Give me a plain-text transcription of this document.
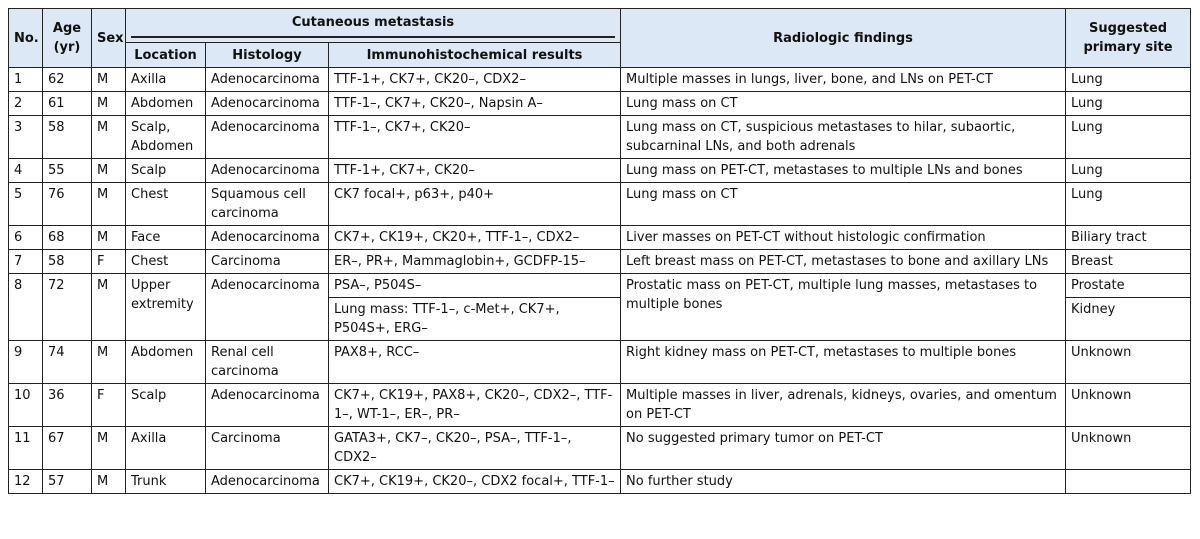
No.	Age (yr)	Sex	Cutaneous metastasis			Radiologic findings	Suggested primary site
			Location	Histology	Immunohistochemical results		
1	62	M	Axilla	Adenocarcinoma	TTF-1+, CK7+, CK20–, CDX2–	Multiple masses in lungs, liver, bone, and LNs on PET-CT	Lung
2	61	M	Abdomen	Adenocarcinoma	TTF-1–, CK7+, CK20–, Napsin A–	Lung mass on CT	Lung
3	58	M	Scalp, Abdomen	Adenocarcinoma	TTF-1–, CK7+, CK20–	Lung mass on CT, suspicious metastases to hilar, subaortic, subcarninal LNs, and both adrenals	Lung
4	55	M	Scalp	Adenocarcinoma	TTF-1+, CK7+, CK20–	Lung mass on PET-CT, metastases to multiple LNs and bones	Lung
5	76	M	Chest	Squamous cell carcinoma	CK7 focal+, p63+, p40+	Lung mass on CT	Lung
6	68	M	Face	Adenocarcinoma	CK7+, CK19+, CK20+, TTF-1–, CDX2–	Liver masses on PET-CT without histologic confirmation	Biliary tract
7	58	F	Chest	Carcinoma	ER–, PR+, Mammaglobin+, GCDFP-15–	Left breast mass on PET-CT, metastases to bone and axillary LNs	Breast
8	72	M	Upper extremity	Adenocarcinoma	PSA–, P504S–	Prostatic mass on PET-CT, multiple lung masses, metastases to multiple bones	Prostate
					Lung mass: TTF-1–, c-Met+, CK7+, P504S+, ERG–		Kidney
9	74	M	Abdomen	Renal cell carcinoma	PAX8+, RCC–	Right kidney mass on PET-CT, metastases to multiple bones	Unknown
10	36	F	Scalp	Adenocarcinoma	CK7+, CK19+, PAX8+, CK20–, CDX2–, TTF-1–, WT-1–, ER–, PR–	Multiple masses in liver, adrenals, kidneys, ovaries, and omentum on PET-CT	Unknown
11	67	M	Axilla	Carcinoma	GATA3+, CK7–, CK20–, PSA–, TTF-1–, CDX2–	No suggested primary tumor on PET-CT	Unknown
12	57	M	Trunk	Adenocarcinoma	CK7+, CK19+, CK20–, CDX2 focal+, TTF-1–	No further study	
